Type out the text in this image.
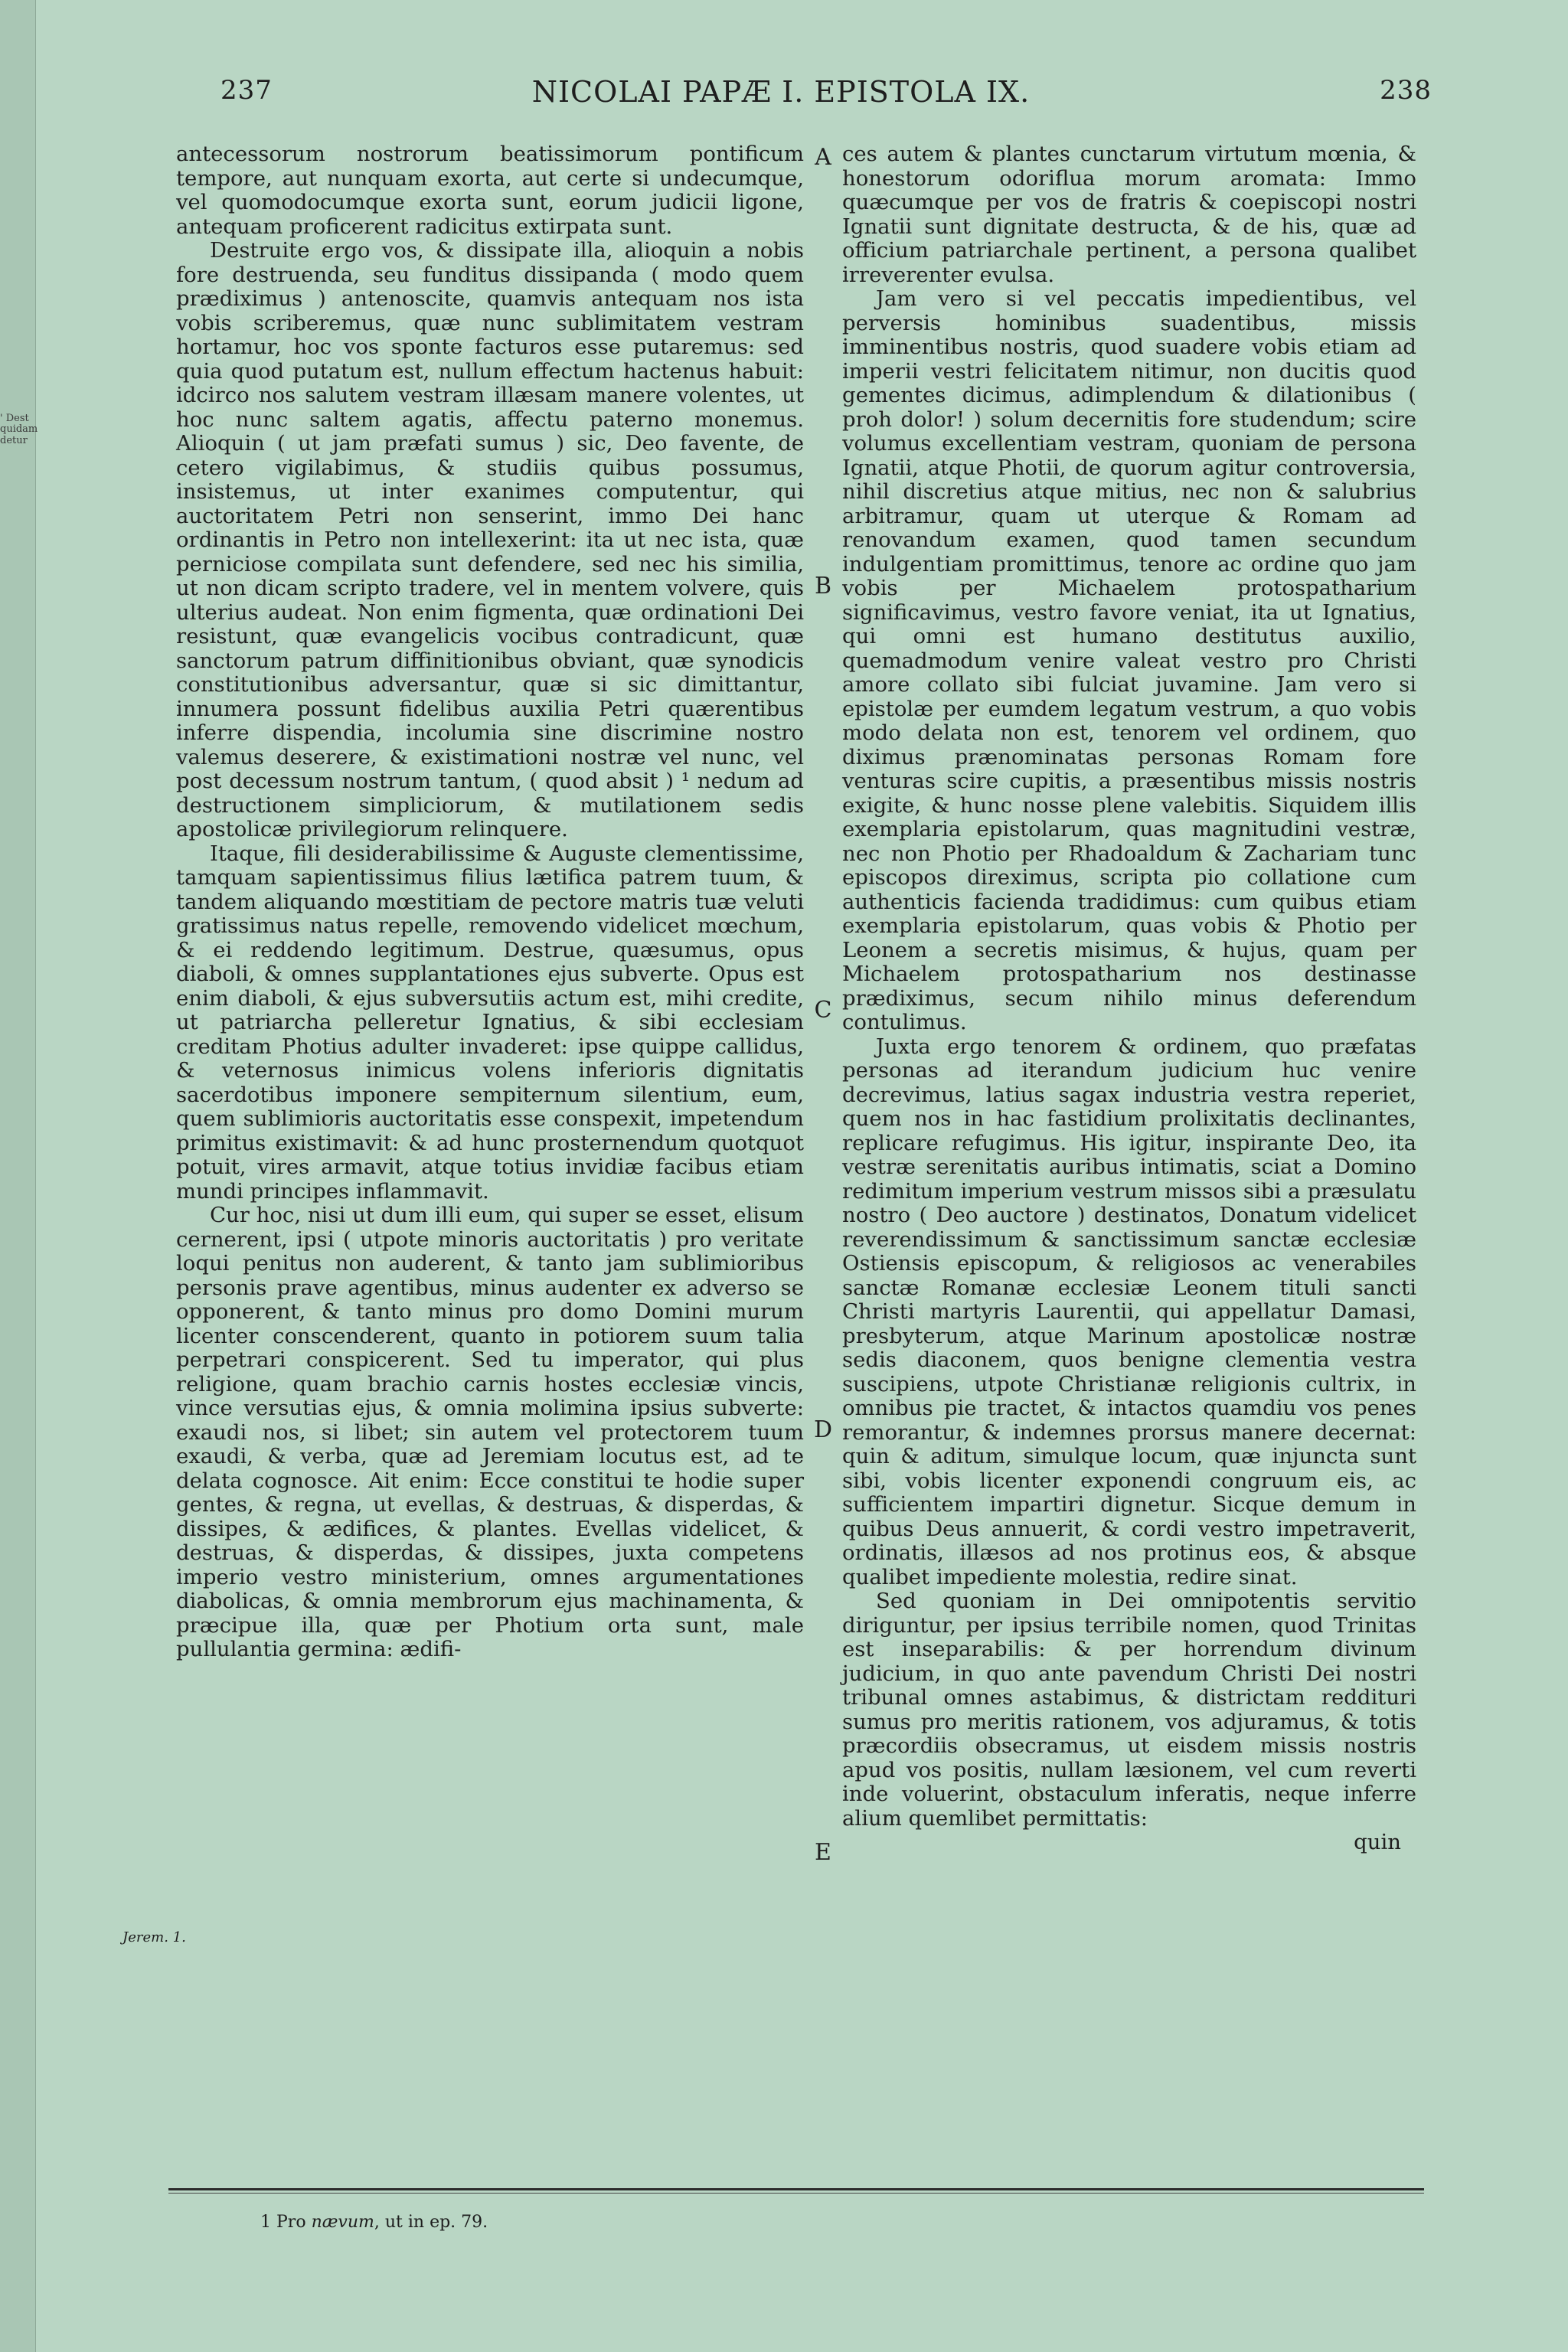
' Dest
quidam
detur
237	NICOLAI PAPÆ I. EPISTOLA IX.	238

antecessorum nostrorum beatissimorum pontificum tempore, aut nunquam exorta, aut certe si undecumque, vel quomodocumque exorta sunt, eorum judicii ligone, antequam proficerent radicitus extirpata sunt.

Destruite ergo vos, & dissipate illa, alioquin a nobis fore destruenda, seu funditus dissipanda ( modo quem prædiximus ) antenoscite, quamvis antequam nos ista vobis scriberemus, quæ nunc sublimitatem vestram hortamur, hoc vos sponte facturos esse putaremus: sed quia quod putatum est, nullum effectum hactenus habuit: idcirco nos salutem vestram illæsam manere volentes, ut hoc nunc saltem agatis, affectu paterno monemus. Alioquin ( ut jam præfati sumus ) sic, Deo favente, de cetero vigilabimus, & studiis quibus possumus, insistemus, ut inter exanimes computentur, qui auctoritatem Petri non senserint, immo Dei hanc ordinantis in Petro non intellexerint: ita ut nec ista, quæ perniciose compilata sunt defendere, sed nec his similia, ut non dicam scripto tradere, vel in mentem volvere, quis ulterius audeat. Non enim figmenta, quæ ordinationi Dei resistunt, quæ evangelicis vocibus contradicunt, quæ sanctorum patrum diffinitionibus obviant, quæ synodicis constitutionibus adversantur, quæ si sic dimittantur, innumera possunt fidelibus auxilia Petri quærentibus inferre dispendia, incolumia sine discrimine nostro valemus deserere, & existimationi nostræ vel nunc, vel post decessum nostrum tantum, ( quod absit ) ¹ nedum ad destructionem simpliciorum, & mutilationem sedis apostolicæ privilegiorum relinquere.

Itaque, fili desiderabilissime & Auguste clementissime, tamquam sapientissimus filius lætifica patrem tuum, & tandem aliquando mœstitiam de pectore matris tuæ veluti gratissimus natus repelle, removendo videlicet mœchum, & ei reddendo legitimum. Destrue, quæsumus, opus diaboli, & omnes supplantationes ejus subverte. Opus est enim diaboli, & ejus subversutiis actum est, mihi credite, ut patriarcha pelleretur Ignatius, & sibi ecclesiam creditam Photius adulter invaderet: ipse quippe callidus, & veternosus inimicus volens inferioris dignitatis sacerdotibus imponere sempiternum silentium, eum, quem sublimioris auctoritatis esse conspexit, impetendum primitus existimavit: & ad hunc prosternendum quotquot potuit, vires armavit, atque totius invidiæ facibus etiam mundi principes inflammavit.

Cur hoc, nisi ut dum illi eum, qui super se esset, elisum cernerent, ipsi ( utpote minoris auctoritatis ) pro veritate loqui penitus non auderent, & tanto jam sublimioribus personis prave agentibus, minus audenter ex adverso se opponerent, & tanto minus pro domo Domini murum licenter conscenderent, quanto in potiorem suum talia perpetrari conspicerent. Sed tu imperator, qui plus religione, quam brachio carnis hostes ecclesiæ vincis, vince versutias ejus, & omnia molimina ipsius subverte: exaudi nos, si libet; sin autem vel protectorem tuum exaudi, & verba, quæ ad Jeremiam locutus est, ad te delata cognosce. Ait enim: Ecce constitui te hodie super gentes, & regna, ut evellas, & destruas, & disperdas, & dissipes, & ædifices, & plantes. Evellas videlicet, & destruas, & disperdas, & dissipes, juxta competens imperio vestro ministerium, omnes argumentationes diabolicas, & omnia membrorum ejus machinamenta, & præcipue illa, quæ per Photium orta sunt, male pullulantia germina: ædifi-

A
B
C
D
E
Jerem. 1.

ces autem & plantes cunctarum virtutum mœnia, & honestorum odoriflua morum aromata: Immo quæcumque per vos de fratris & coepiscopi nostri Ignatii sunt dignitate destructa, & de his, quæ ad officium patriarchale pertinent, a persona qualibet irreverenter evulsa.

Jam vero si vel peccatis impedientibus, vel perversis hominibus suadentibus, missis imminentibus nostris, quod suadere vobis etiam ad imperii vestri felicitatem nitimur, non ducitis quod gementes dicimus, adimplendum & dilationibus ( proh dolor! ) solum decernitis fore studendum; scire volumus excellentiam vestram, quoniam de persona Ignatii, atque Photii, de quorum agitur controversia, nihil discretius atque mitius, nec non & salubrius arbitramur, quam ut uterque & Romam ad renovandum examen, quod tamen secundum indulgentiam promittimus, tenore ac ordine quo jam vobis per Michaelem protospatharium significavimus, vestro favore veniat, ita ut Ignatius, qui omni est humano destitutus auxilio, quemadmodum venire valeat vestro pro Christi amore collato sibi fulciat juvamine. Jam vero si epistolæ per eumdem legatum vestrum, a quo vobis modo delata non est, tenorem vel ordinem, quo diximus prænominatas personas Romam fore venturas scire cupitis, a præsentibus missis nostris exigite, & hunc nosse plene valebitis. Siquidem illis exemplaria epistolarum, quas magnitudini vestræ, nec non Photio per Rhadoaldum & Zachariam tunc episcopos direximus, scripta pio collatione cum authenticis facienda tradidimus: cum quibus etiam exemplaria epistolarum, quas vobis & Photio per Leonem a secretis misimus, & hujus, quam per Michaelem protospatharium nos destinasse prædiximus, secum nihilo minus deferendum contulimus.

Juxta ergo tenorem & ordinem, quo præfatas personas ad iterandum judicium huc venire decrevimus, latius sagax industria vestra reperiet, quem nos in hac fastidium prolixitatis declinantes, replicare refugimus. His igitur, inspirante Deo, ita vestræ serenitatis auribus intimatis, sciat a Domino redimitum imperium vestrum missos sibi a præsulatu nostro ( Deo auctore ) destinatos, Donatum videlicet reverendissimum & sanctissimum sanctæ ecclesiæ Ostiensis episcopum, & religiosos ac venerabiles sanctæ Romanæ ecclesiæ Leonem tituli sancti Christi martyris Laurentii, qui appellatur Damasi, presbyterum, atque Marinum apostolicæ nostræ sedis diaconem, quos benigne clementia vestra suscipiens, utpote Christianæ religionis cultrix, in omnibus pie tractet, & intactos quamdiu vos penes remorantur, & indemnes prorsus manere decernat: quin & aditum, simulque locum, quæ injuncta sunt sibi, vobis licenter exponendi congruum eis, ac sufficientem impartiri dignetur. Sicque demum in quibus Deus annuerit, & cordi vestro impetraverit, ordinatis, illæsos ad nos protinus eos, & absque qualibet impediente molestia, redire sinat.

Sed quoniam in Dei omnipotentis servitio diriguntur, per ipsius terribile nomen, quod Trinitas est inseparabilis: & per horrendum divinum judicium, in quo ante pavendum Christi Dei nostri tribunal omnes astabimus, & districtam reddituri sumus pro meritis rationem, vos adjuramus, & totis præcordiis obsecramus, ut eisdem missis nostris apud vos positis, nullam læsionem, vel cum reverti inde voluerint, obstaculum inferatis, neque inferre alium quemlibet permittatis:

quin
1 Pro nævum, ut in ep. 79.
